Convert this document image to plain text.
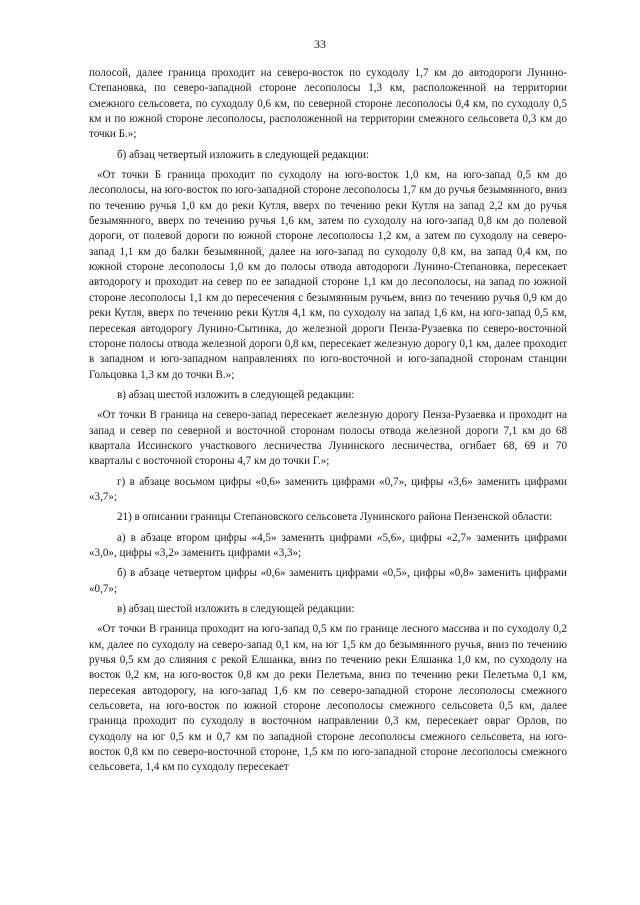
33

полосой, далее граница проходит на северо-восток по суходолу 1,7 км до автодороги Лунино-Степановка, по северо-западной стороне лесополосы 1,3 км, расположенной на территории смежного сельсовета, по суходолу 0,6 км, по северной стороне лесополосы 0,4 км, по суходолу 0,5 км и по южной стороне лесополосы, расположенной на территории смежного сельсовета 0,3 км до точки Б.»;

б) абзац четвертый изложить в следующей редакции:

«От точки Б граница проходит по суходолу на юго-восток 1,0 км, на юго-запад 0,5 км до лесополосы, на юго-восток по юго-западной стороне лесополосы 1,7 км до ручья безымянного, вниз по течению ручья 1,0 км до реки Кутля, вверх по течению реки Кутля на запад 2,2 км до ручья безымянного, вверх по течению ручья 1,6 км, затем по суходолу на юго-запад 0,8 км до полевой дороги, от полевой дороги по южной стороне лесополосы 1,2 км, а затем по суходолу на северо-запад 1,1 км до балки безымянной, далее на юго-запад по суходолу 0,8 км, на запад 0,4 км, по южной стороне лесополосы 1,0 км до полосы отвода автодороги Лунино-Степановка, пересекает автодорогу и проходит на север по ее западной стороне 1,1 км до лесополосы, на запад по южной стороне лесополосы 1,1 км до пересечения с безымянным ручьем, вниз по течению ручья 0,9 км до реки Кутля, вверх по течению реки Кутля 4,1 км, по суходолу на запад 1,6 км, на юго-запад 0,5 км, пересекая автодорогу Лунино-Сытинка, до железной дороги Пенза-Рузаевка по северо-восточной стороне полосы отвода железной дороги 0,8 км, пересекает железную дорогу 0,1 км, далее проходит в западном и юго-западном направлениях по юго-восточной и юго-западной сторонам станции Гольцовка 1,3 км до точки В.»;

в) абзац шестой изложить в следующей редакции:

«От точки В граница на северо-запад пересекает железную дорогу Пенза-Рузаевка и проходит на запад и север по северной и восточной сторонам полосы отвода железной дороги 7,1 км до 68 квартала Иссинского участкового лесничества Лунинского лесничества, огибает 68, 69 и 70 кварталы с восточной стороны 4,7 км до точки Г.»;

г) в абзаце восьмом цифры «0,6» заменить цифрами «0,7», цифры «3,6» заменить цифрами «3,7»;

21) в описании границы Степановского сельсовета Лунинского района Пензенской области:

а) в абзаце втором цифры «4,5» заменить цифрами «5,6», цифры «2,7» заменить цифрами «3,0», цифры «3,2» заменить цифрами «3,3»;

б) в абзаце четвертом цифры «0,6» заменить цифрами «0,5», цифры «0,8» заменить цифрами «0,7»;

в) абзац шестой изложить в следующей редакции:

«От точки В граница проходит на юго-запад 0,5 км по границе лесного массива и по суходолу 0,2 км, далее по суходолу на северо-запад 0,1 км, на юг 1,5 км до безымянного ручья, вниз по течению ручья 0,5 км до слияния с рекой Елшанка, вниз по течению реки Елшанка 1,0 км, по суходолу на восток 0,2 км, на юго-восток 0,8 км до реки Пелетьма, вниз по течению реки Пелетьма 0,1 км, пересекая автодорогу, на юго-запад 1,6 км по северо-западной стороне лесополосы смежного сельсовета, на юго-восток по южной стороне лесополосы смежного сельсовета 0,5 км, далее граница проходит по суходолу в восточном направлении 0,3 км, пересекает овраг Орлов, по суходолу на юг 0,5 км и 0,7 км по западной стороне лесополосы смежного сельсовета, на юго-восток 0,8 км по северо-восточной стороне, 1,5 км по юго-западной стороне лесополосы смежного сельсовета, 1,4 км по суходолу пересекает
